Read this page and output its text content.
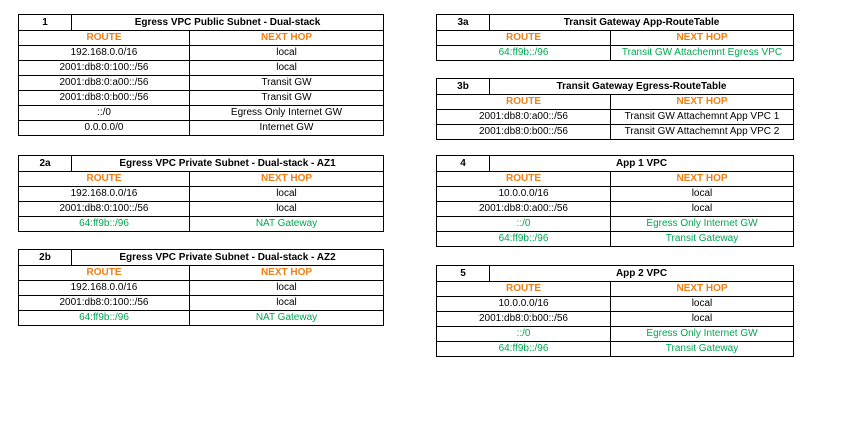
1	Egress VPC Public Subnet - Dual-stack	
ROUTE		NEXT HOP
192.168.0.0/16		local
2001:db8:0:100::/56		local
2001:db8:0:a00::/56		Transit GW
2001:db8:0:b00::/56		Transit GW
::/0		Egress Only Internet GW
0.0.0.0/0		Internet GW
2a	Egress VPC Private Subnet - Dual-stack - AZ1	
ROUTE		NEXT HOP
192.168.0.0/16		local
2001:db8:0:100::/56		local
64:ff9b::/96		NAT Gateway
2b	Egress VPC Private Subnet - Dual-stack - AZ2	
ROUTE		NEXT HOP
192.168.0.0/16		local
2001:db8:0:100::/56		local
64:ff9b::/96		NAT Gateway
3a	Transit Gateway App-RouteTable	
ROUTE		NEXT HOP
64:ff9b::/96		Transit GW Attachemnt Egress VPC
3b	Transit Gateway Egress-RouteTable	
ROUTE		NEXT HOP
2001:db8:0:a00::/56		Transit GW Attachemnt App VPC 1
2001:db8:0:b00::/56		Transit GW Attachemnt App VPC 2
4	App 1 VPC	
ROUTE		NEXT HOP
10.0.0.0/16		local
2001:db8:0:a00::/56		local
::/0		Egress Only Internet GW
64:ff9b::/96		Transit Gateway
5	App 2 VPC	
ROUTE		NEXT HOP
10.0.0.0/16		local
2001:db8:0:b00::/56		local
::/0		Egress Only Internet GW
64:ff9b::/96		Transit Gateway
